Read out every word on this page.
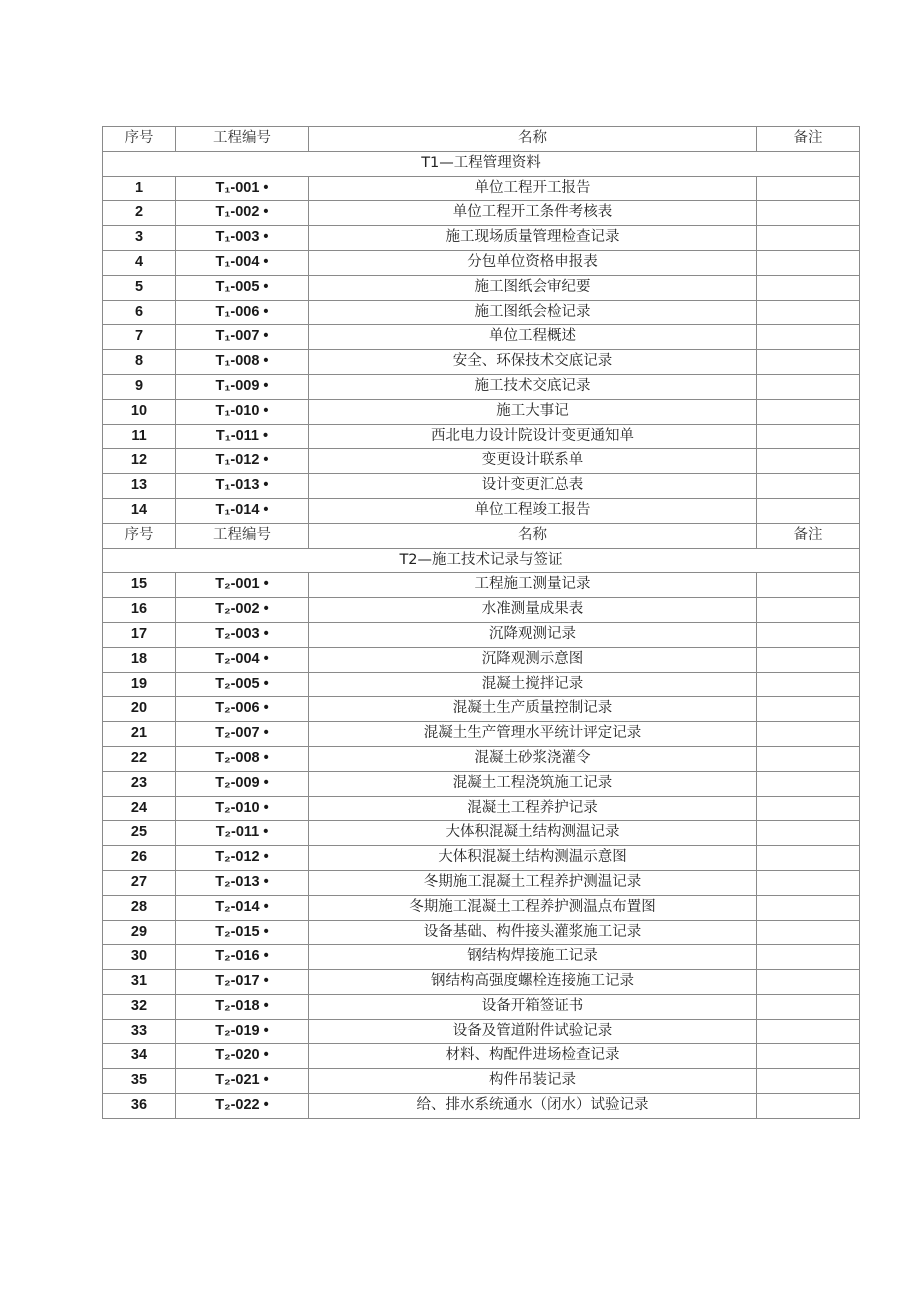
序号	工程编号	名称	备注
T1—工程管理资料			
1	T₁-001 •	单位工程开工报告	
2	T₁-002 •	单位工程开工条件考核表	
3	T₁-003 •	施工现场质量管理检查记录	
4	T₁-004 •	分包单位资格申报表	
5	T₁-005 •	施工图纸会审纪要	
6	T₁-006 •	施工图纸会检记录	
7	T₁-007 •	单位工程概述	
8	T₁-008 •	安全、环保技术交底记录	
9	T₁-009 •	施工技术交底记录	
10	T₁-010 •	施工大事记	
11	T₁-011 •	西北电力设计院设计变更通知单	
12	T₁-012 •	变更设计联系单	
13	T₁-013 •	设计变更汇总表	
14	T₁-014 •	单位工程竣工报告	
序号	工程编号	名称	备注
T2—施工技术记录与签证			
15	T₂-001 •	工程施工测量记录	
16	T₂-002 •	水准测量成果表	
17	T₂-003 •	沉降观测记录	
18	T₂-004 •	沉降观测示意图	
19	T₂-005 •	混凝土搅拌记录	
20	T₂-006 •	混凝土生产质量控制记录	
21	T₂-007 •	混凝土生产管理水平统计评定记录	
22	T₂-008 •	混凝土砂浆浇灌令	
23	T₂-009 •	混凝土工程浇筑施工记录	
24	T₂-010 •	混凝土工程养护记录	
25	T₂-011 •	大体积混凝土结构测温记录	
26	T₂-012 •	大体积混凝土结构测温示意图	
27	T₂-013 •	冬期施工混凝土工程养护测温记录	
28	T₂-014 •	冬期施工混凝土工程养护测温点布置图	
29	T₂-015 •	设备基础、构件接头灌浆施工记录	
30	T₂-016 •	钢结构焊接施工记录	
31	T₂-017 •	钢结构高强度螺栓连接施工记录	
32	T₂-018 •	设备开箱签证书	
33	T₂-019 •	设备及管道附件试验记录	
34	T₂-020 •	材料、构配件进场检查记录	
35	T₂-021 •	构件吊装记录	
36	T₂-022 •	给、排水系统通水（闭水）试验记录	
